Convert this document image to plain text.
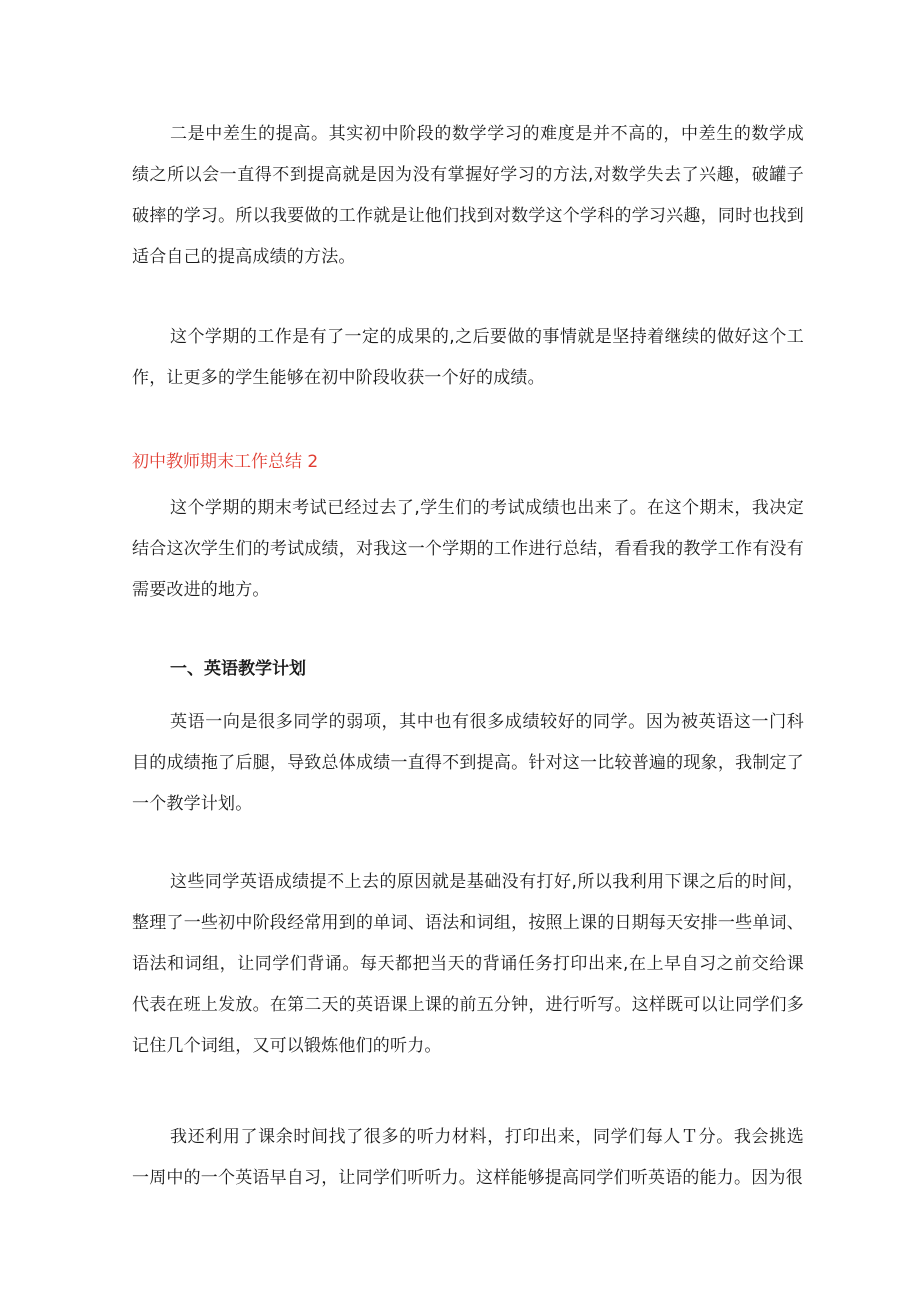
二是中差生的提高。其实初中阶段的数学学习的难度是并不高的，中差生的数学成绩之所以会一直得不到提高就是因为没有掌握好学习的方法,对数学失去了兴趣，破罐子破摔的学习。所以我要做的工作就是让他们找到对数学这个学科的学习兴趣，同时也找到适合自己的提高成绩的方法。

这个学期的工作是有了一定的成果的,之后要做的事情就是坚持着继续的做好这个工作，让更多的学生能够在初中阶段收获一个好的成绩。

初中教师期末工作总结 2

这个学期的期末考试已经过去了,学生们的考试成绩也出来了。在这个期末，我决定结合这次学生们的考试成绩，对我这一个学期的工作进行总结，看看我的教学工作有没有需要改进的地方。

一、英语教学计划

英语一向是很多同学的弱项，其中也有很多成绩较好的同学。因为被英语这一门科目的成绩拖了后腿，导致总体成绩一直得不到提高。针对这一比较普遍的现象，我制定了一个教学计划。

这些同学英语成绩提不上去的原因就是基础没有打好,所以我利用下课之后的时间，整理了一些初中阶段经常用到的单词、语法和词组，按照上课的日期每天安排一些单词、语法和词组，让同学们背诵。每天都把当天的背诵任务打印出来,在上早自习之前交给课代表在班上发放。在第二天的英语课上课的前五分钟，进行听写。这样既可以让同学们多记住几个词组，又可以锻炼他们的听力。

我还利用了课余时间找了很多的听力材料，打印出来，同学们每人Ｔ分。我会挑选一周中的一个英语早自习，让同学们听听力。这样能够提高同学们听英语的能力。因为很
